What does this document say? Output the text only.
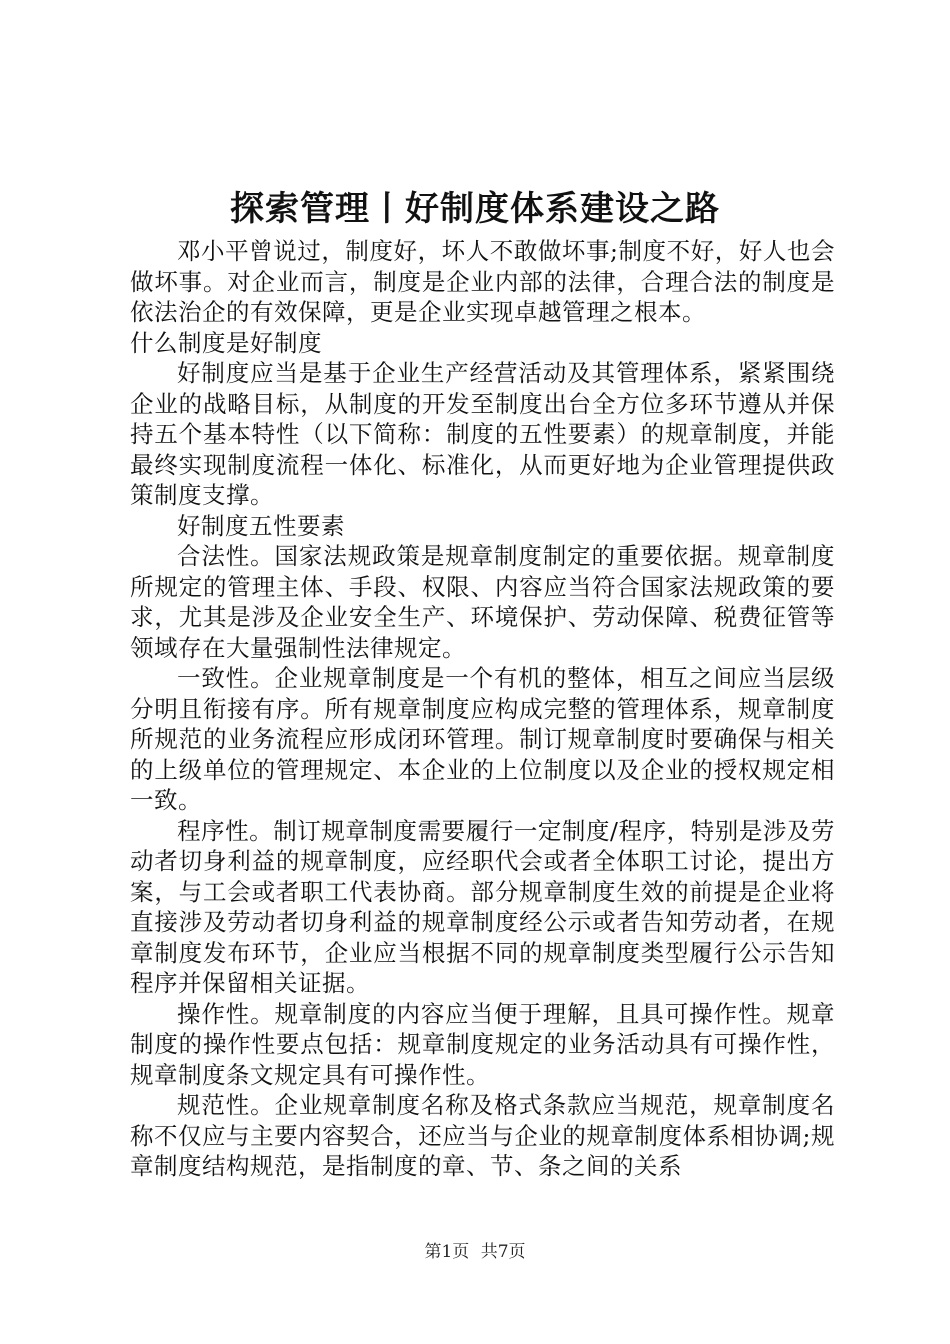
探索管理丨好制度体系建设之路

邓小平曾说过，制度好，坏人不敢做坏事;制度不好，好人也会做坏事。对企业而言，制度是企业内部的法律，合理合法的制度是依法治企的有效保障，更是企业实现卓越管理之根本。

什么制度是好制度

好制度应当是基于企业生产经营活动及其管理体系，紧紧围绕企业的战略目标，从制度的开发至制度出台全方位多环节遵从并保持五个基本特性（以下简称：制度的五性要素）的规章制度，并能最终实现制度流程一体化、标准化，从而更好地为企业管理提供政策制度支撑。

好制度五性要素

合法性。国家法规政策是规章制度制定的重要依据。规章制度所规定的管理主体、手段、权限、内容应当符合国家法规政策的要求，尤其是涉及企业安全生产、环境保护、劳动保障、税费征管等领域存在大量强制性法律规定。

一致性。企业规章制度是一个有机的整体，相互之间应当层级分明且衔接有序。所有规章制度应构成完整的管理体系，规章制度所规范的业务流程应形成闭环管理。制订规章制度时要确保与相关的上级单位的管理规定、本企业的上位制度以及企业的授权规定相一致。

程序性。制订规章制度需要履行一定制度/程序，特别是涉及劳动者切身利益的规章制度，应经职代会或者全体职工讨论，提出方案，与工会或者职工代表协商。部分规章制度生效的前提是企业将直接涉及劳动者切身利益的规章制度经公示或者告知劳动者，在规章制度发布环节，企业应当根据不同的规章制度类型履行公示告知程序并保留相关证据。

操作性。规章制度的内容应当便于理解，且具可操作性。规章制度的操作性要点包括：规章制度规定的业务活动具有可操作性，规章制度条文规定具有可操作性。

规范性。企业规章制度名称及格式条款应当规范，规章制度名称不仅应与主要内容契合，还应当与企业的规章制度体系相协调;规章制度结构规范，是指制度的章、节、条之间的关系

第1页 共7页
